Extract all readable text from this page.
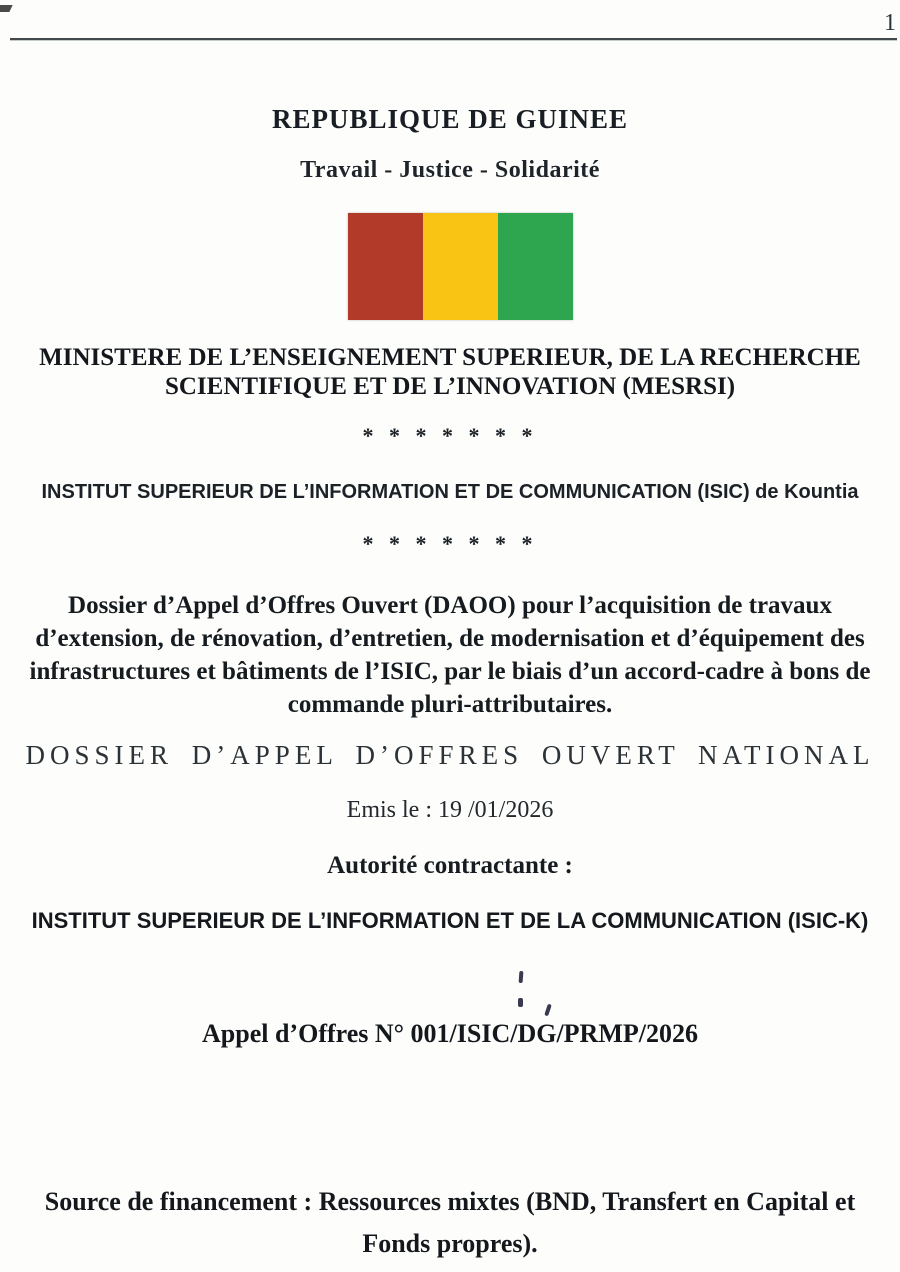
1
REPUBLIQUE DE GUINEE
Travail - Justice - Solidarité
MINISTERE DE L’ENSEIGNEMENT SUPERIEUR, DE LA RECHERCHE
SCIENTIFIQUE ET DE L’INNOVATION (MESRSI)
* * * * * * *
INSTITUT SUPERIEUR DE L’INFORMATION ET DE COMMUNICATION (ISIC) de Kountia
* * * * * * *
Dossier d’Appel d’Offres Ouvert (DAOO) pour l’acquisition de travaux
d’extension, de rénovation, d’entretien, de modernisation et d’équipement des
infrastructures et bâtiments de l’ISIC, par le biais d’un accord-cadre à bons de
commande pluri-attributaires.
DOSSIER D’APPEL D’OFFRES OUVERT NATIONAL
Emis le : 19 /01/2026
Autorité contractante :
INSTITUT SUPERIEUR DE L’INFORMATION ET DE LA COMMUNICATION (ISIC-K)
Appel d’Offres N° 001/ISIC/DG/PRMP/2026
Source de financement : Ressources mixtes (BND, Transfert en Capital et
Fonds propres).
